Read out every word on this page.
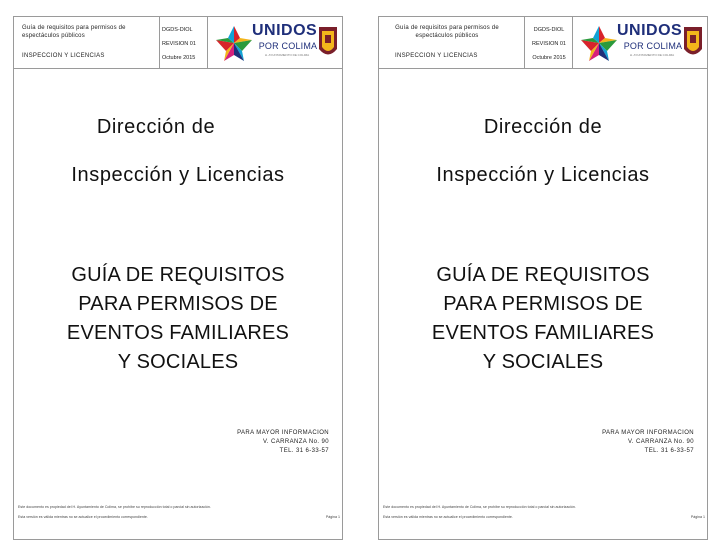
Guía de requisitos para permisos de espectáculos públicos
INSPECCION Y LICENCIAS
DGDS-DIOL
REVISION 01
Octubre 2015
UNIDOS
POR COLIMA
H. AYUNTAMIENTO DE COLIMA
Dirección de
Inspección y Licencias
GUÍA DE REQUISITOS
PARA PERMISOS DE
EVENTOS FAMILIARES
Y SOCIALES
PARA MAYOR INFORMACION
V. CARRANZA No. 90
TEL. 31 6-33-57
Este documento es propiedad del H. Ayuntamiento de Colima, se prohíbe su reproducción total o parcial sin autorización.
Esta versión es válida mientras no se actualice el procedimiento correspondiente.	Página 1
Guía de requisitos para permisos de espectáculos públicos
INSPECCION Y LICENCIAS
DGDS-DIOL
REVISION 01
Octubre 2015
UNIDOS
POR COLIMA
H. AYUNTAMIENTO DE COLIMA
Dirección de
Inspección y Licencias
GUÍA DE REQUISITOS
PARA PERMISOS DE
EVENTOS FAMILIARES
Y SOCIALES
PARA MAYOR INFORMACION
V. CARRANZA No. 90
TEL. 31 6-33-57
Este documento es propiedad del H. Ayuntamiento de Colima, se prohíbe su reproducción total o parcial sin autorización.
Esta versión es válida mientras no se actualice el procedimiento correspondiente.	Página 1
